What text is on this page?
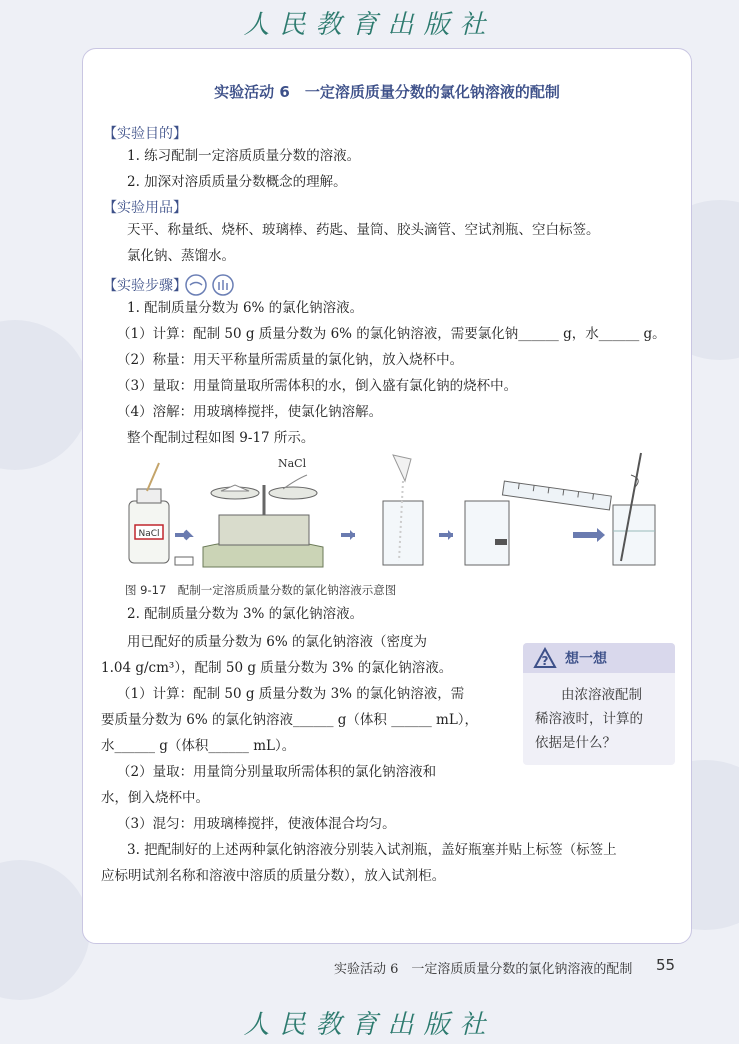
人民教育出版社
实验活动 6　一定溶质质量分数的氯化钠溶液的配制
【实验目的】
1. 练习配制一定溶质质量分数的溶液。
2. 加深对溶质质量分数概念的理解。
【实验用品】
天平、称量纸、烧杯、玻璃棒、药匙、量筒、胶头滴管、空试剂瓶、空白标签。
氯化钠、蒸馏水。
【实验步骤】
1. 配制质量分数为 6% 的氯化钠溶液。
（1）计算：配制 50 g 质量分数为 6% 的氯化钠溶液，需要氯化钠______ g，水______ g。
（2）称量：用天平称量所需质量的氯化钠，放入烧杯中。
（3）量取：用量筒量取所需体积的水，倒入盛有氯化钠的烧杯中。
（4）溶解：用玻璃棒搅拌，使氯化钠溶解。
整个配制过程如图 9-17 所示。
NaCl
NaCl
图 9-17　配制一定溶质质量分数的氯化钠溶液示意图
2. 配制质量分数为 3% 的氯化钠溶液。
用已配好的质量分数为 6% 的氯化钠溶液（密度为
1.04 g/cm³），配制 50 g 质量分数为 3% 的氯化钠溶液。
（1）计算：配制 50 g 质量分数为 3% 的氯化钠溶液，需
要质量分数为 6% 的氯化钠溶液______ g（体积 ______ mL），
水______ g（体积______ mL）。
（2）量取：用量筒分别量取所需体积的氯化钠溶液和
水，倒入烧杯中。
（3）混匀：用玻璃棒搅拌，使液体混合均匀。
3. 把配制好的上述两种氯化钠溶液分别装入试剂瓶，盖好瓶塞并贴上标签（标签上
应标明试剂名称和溶液中溶质的质量分数），放入试剂柜。
? 想一想
由浓溶液配制
稀溶液时，计算的
依据是什么？
实验活动 6　一定溶质质量分数的氯化钠溶液的配制 55
人民教育出版社
